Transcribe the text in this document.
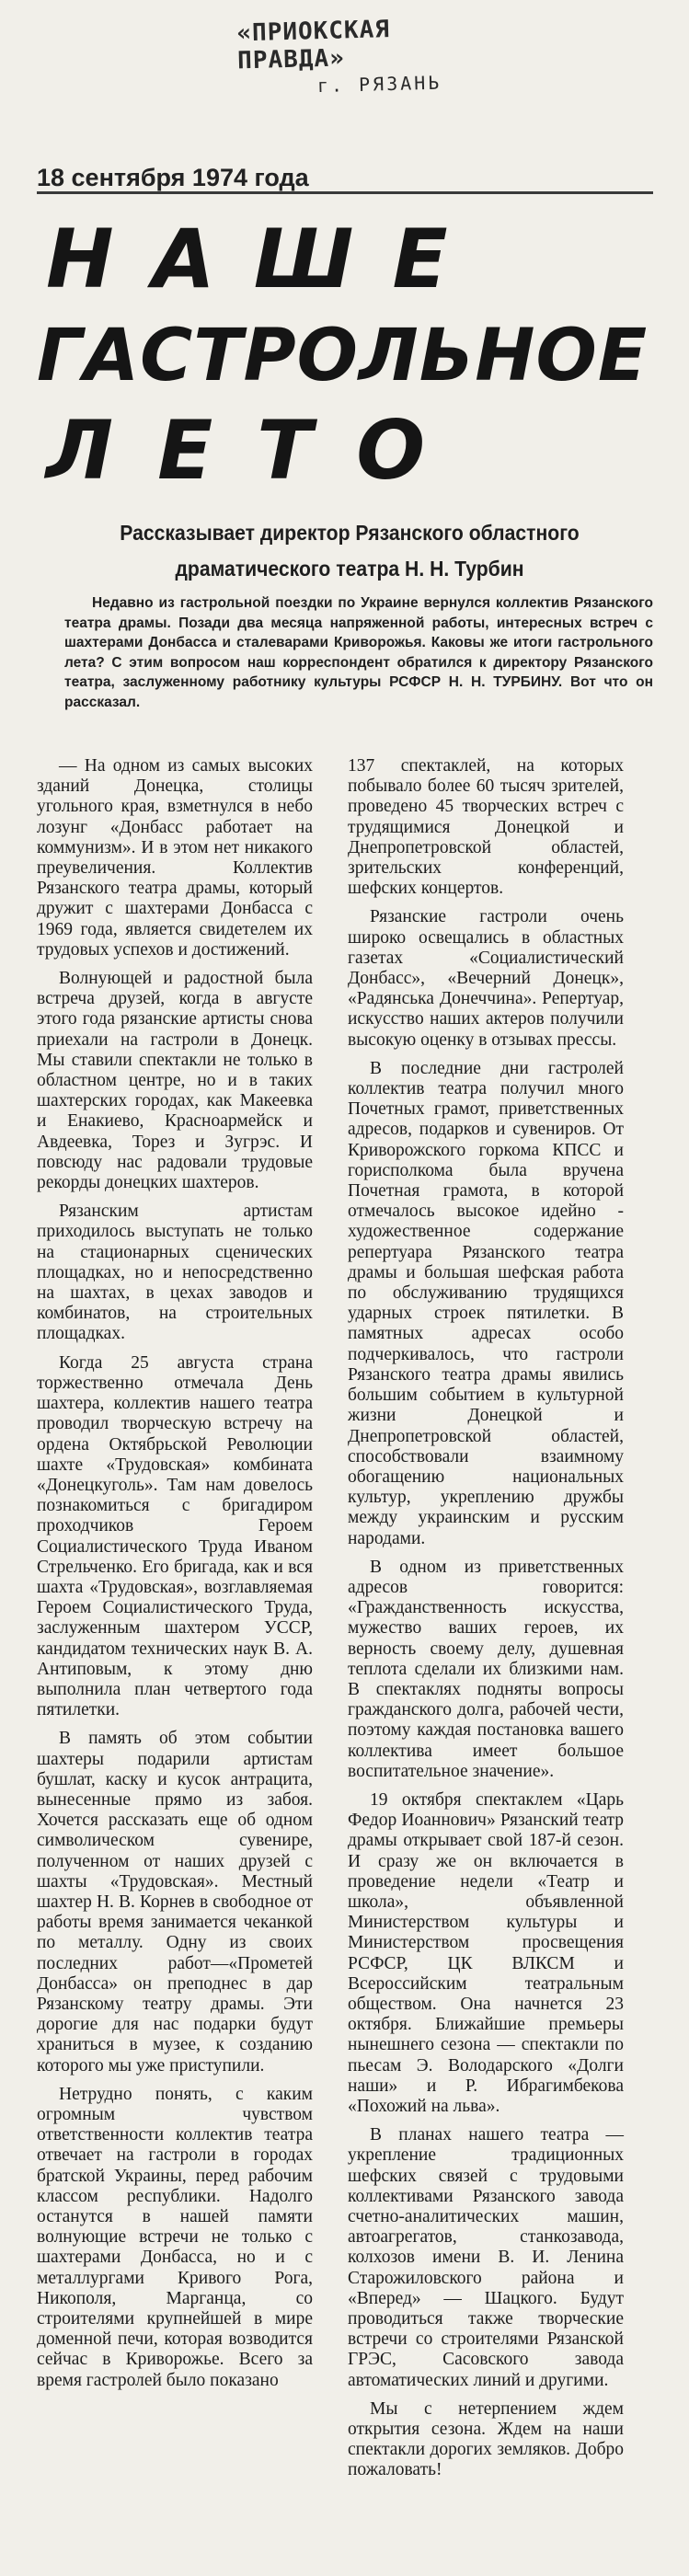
«ПРИОКСКАЯ ПРАВДА»
г. РЯЗАНЬ
18 сентября 1974 года
НАШЕ
ГАСТРОЛЬНОЕ
ЛЕТО
Рассказывает директор Рязанского областного драматического театра Н. Н. Турбин
Недавно из гастрольной поездки по Украине вернулся коллектив Рязанского театра драмы. Позади два месяца напряженной работы, интересных встреч с шахтерами Донбасса и сталеварами Криворожья. Каковы же итоги гастрольного лета? С этим вопросом наш корреспондент обратился к директору Рязанского театра, заслуженному работнику культуры РСФСР Н. Н. ТУРБИНУ. Вот что он рассказал.

— На одном из самых высоких зданий Донецка, столицы угольного края, взметнулся в небо лозунг «Донбасс работает на коммунизм». И в этом нет никакого преувеличения. Коллектив Рязанского театра драмы, который дружит с шахтерами Донбасса с 1969 года, является свидетелем их трудовых успехов и достижений.

Волнующей и радостной была встреча друзей, когда в августе этого года рязанские артисты снова приехали на гастроли в Донецк. Мы ставили спектакли не только в областном центре, но и в таких шахтерских городах, как Макеевка и Енакиево, Красноармейск и Авдеевка, Торез и Зугрэс. И повсюду нас радовали трудовые рекорды донецких шахтеров.

Рязанским артистам приходилось выступать не только на стационарных сценических площадках, но и непосредственно на шахтах, в цехах заводов и комбинатов, на строительных площадках.

Когда 25 августа страна торжественно отмечала День шахтера, коллектив нашего театра проводил творческую встречу на ордена Октябрьской Революции шахте «Трудовская» комбината «Донецкуголь». Там нам довелось познакомиться с бригадиром проходчиков Героем Социалистического Труда Иваном Стрельченко. Его бригада, как и вся шахта «Трудовская», возглавляемая Героем Социалистического Труда, заслуженным шахтером УССР, кандидатом технических наук В. А. Антиповым, к этому дню выполнила план четвертого года пятилетки.

В память об этом событии шахтеры подарили артистам бушлат, каску и кусок антрацита, вынесенные прямо из забоя. Хочется рассказать еще об одном символическом сувенире, полученном от наших друзей с шахты «Трудовская». Местный шахтер Н. В. Корнев в свободное от работы время занимается чеканкой по металлу. Одну из своих последних работ—«Прометей Донбасса» он преподнес в дар Рязанскому театру драмы. Эти дорогие для нас подарки будут храниться в музее, к созданию которого мы уже приступили.

Нетрудно понять, с каким огромным чувством ответственности коллектив театра отвечает на гастроли в городах братской Украины, перед рабочим классом республики. Надолго останутся в нашей памяти волнующие встречи не только с шахтерами Донбасса, но и с металлургами Кривого Рога, Никополя, Марганца, со строителями крупнейшей в мире доменной печи, которая возводится сейчас в Криворожье. Всего за время гастролей было показано

137 спектаклей, на которых побывало более 60 тысяч зрителей, проведено 45 творческих встреч с трудящимися Донецкой и Днепропетровской областей, зрительских конференций, шефских концертов.

Рязанские гастроли очень широко освещались в областных газетах «Социалистический Донбасс», «Вечерний Донецк», «Радянська Донеччина». Репертуар, искусство наших актеров получили высокую оценку в отзывах прессы.

В последние дни гастролей коллектив театра получил много Почетных грамот, приветственных адресов, подарков и сувениров. От Криворожского горкома КПСС и горисполкома была вручена Почетная грамота, в которой отмечалось высокое идейно - художественное содержание репертуара Рязанского театра драмы и большая шефская работа по обслуживанию трудящихся ударных строек пятилетки. В памятных адресах особо подчеркивалось, что гастроли Рязанского театра драмы явились большим событием в культурной жизни Донецкой и Днепропетровской областей, способствовали взаимному обогащению национальных культур, укреплению дружбы между украинским и русским народами.

В одном из приветственных адресов говорится: «Гражданственность искусства, мужество ваших героев, их верность своему делу, душевная теплота сделали их близкими нам. В спектаклях подняты вопросы гражданского долга, рабочей чести, поэтому каждая постановка вашего коллектива имеет большое воспитательное значение».

19 октября спектаклем «Царь Федор Иоаннович» Рязанский театр драмы открывает свой 187-й сезон. И сразу же он включается в проведение недели «Театр и школа», объявленной Министерством культуры и Министерством просвещения РСФСР, ЦК ВЛКСМ и Всероссийским театральным обществом. Она начнется 23 октября. Ближайшие премьеры нынешнего сезона — спектакли по пьесам Э. Володарского «Долги наши» и Р. Ибрагимбекова «Похожий на льва».

В планах нашего театра — укрепление традиционных шефских связей с трудовыми коллективами Рязанского завода счетно-аналитических машин, автоагрегатов, станкозавода, колхозов имени В. И. Ленина Старожиловского района и «Вперед» — Шацкого. Будут проводиться также творческие встречи со строителями Рязанской ГРЭС, Сасовского завода автоматических линий и другими.

Мы с нетерпением ждем открытия сезона. Ждем на наши спектакли дорогих земляков. Добро пожаловать!
